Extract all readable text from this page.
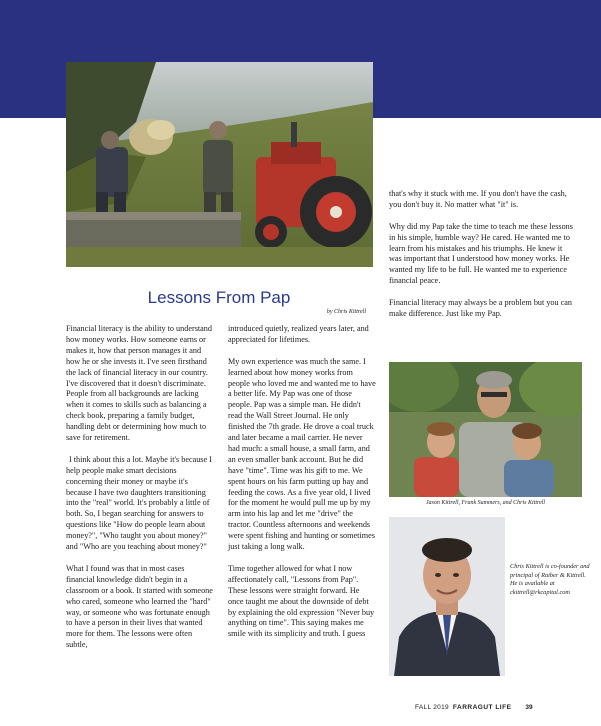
Lessons From Pap
by Chris Kittrell

Financial literacy is the ability to understand how money works. How someone earns or makes it, how that person manages it and how he or she invests it. I've seen firsthand the lack of financial literacy in our country. I've discovered that it doesn't discriminate. People from all backgrounds are lacking when it comes to skills such as balancing a check book, preparing a family budget, handling debt or determining how much to save for retirement.

I think about this a lot. Maybe it's because I help people make smart decisions concerning their money or maybe it's because I have two daughters transitioning into the "real" world. It's probably a little of both. So, I began searching for answers to questions like "How do people learn about money?", "Who taught you about money?" and "Who are you teaching about money?"

What I found was that in most cases financial knowledge didn't begin in a classroom or a book. It started with someone who cared, someone who learned the "hard" way, or someone who was fortunate enough to have a person in their lives that wanted more for them. The lessons were often subtle,

introduced quietly, realized years later, and appreciated for lifetimes.

My own experience was much the same. I learned about how money works from people who loved me and wanted me to have a better life. My Pap was one of those people. Pap was a simple man. He didn't read the Wall Street Journal. He only finished the 7th grade. He drove a coal truck and later became a mail carrier. He never had much: a small house, a small farm, and an even smaller bank account. But he did have "time". Time was his gift to me. We spent hours on his farm putting up hay and feeding the cows. As a five year old, I lived for the moment he would pull me up by my arm into his lap and let me "drive" the tractor. Countless afternoons and weekends were spent fishing and hunting or sometimes just taking a long walk.

Time together allowed for what I now affectionately call, "Lessons from Pap". These lessons were straight forward. He once taught me about the downside of debt by explaining the old expression "Never buy anything on time". This saying makes me smile with its simplicity and truth. I guess

that's why it stuck with me. If you don't have the cash, you don't buy it. No matter what "it" is.

Why did my Pap take the time to teach me these lessons in his simple, humble way? He cared. He wanted me to learn from his mistakes and his triumphs. He knew it was important that I understood how money works. He wanted my life to be full. He wanted me to experience financial peace.

Financial literacy may always be a problem but you can make difference. Just like my Pap.

Jason Kittrell, Frank Summers, and Chris Kittrell
Chris Kittrell is co-founder and principal of Raiber & Kittrell. He is available at ckittrell@rkcapital.com
FALL 2019 FARRAGUT LIFE 39
